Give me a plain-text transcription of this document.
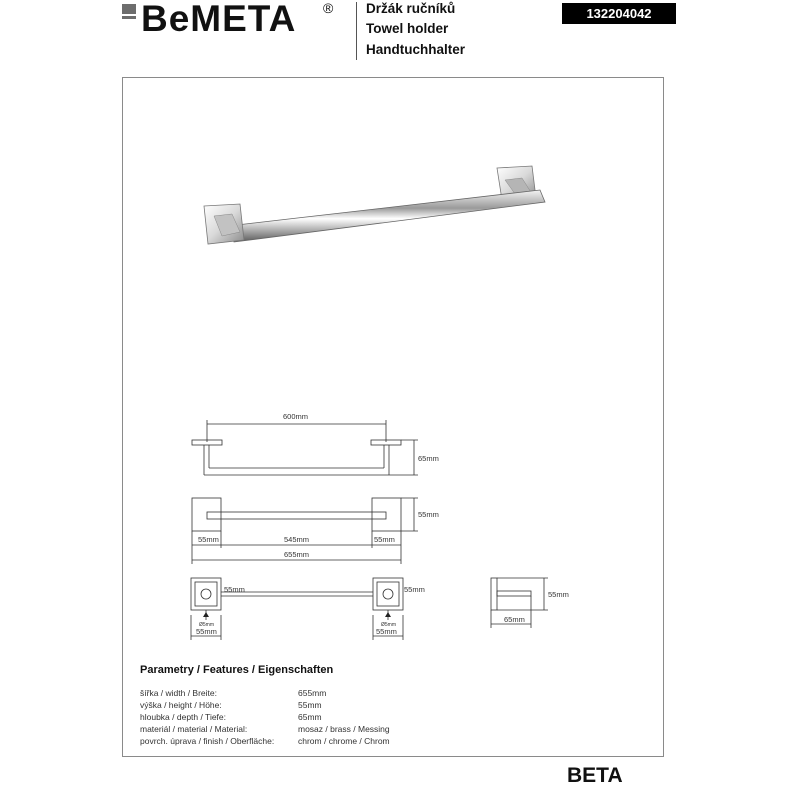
BeMETA ® Držák ručníků
Towel holder
Handtuchhalter
132204042
600mm
65mm
55mm
55mm	545mm	55mm
655mm
55mm	55mm
Ø5mm	Ø5mm
55mm	55mm
55mm
65mm
Parametry / Features / Eigenschaften
šířka / width / Breite:	655mm
výška / height / Höhe:	55mm
hloubka / depth / Tiefe:	65mm
materiál / material / Material:	mosaz / brass / Messing
povrch. úprava / finish / Oberfläche:	chrom / chrome / Chrom
BETA
